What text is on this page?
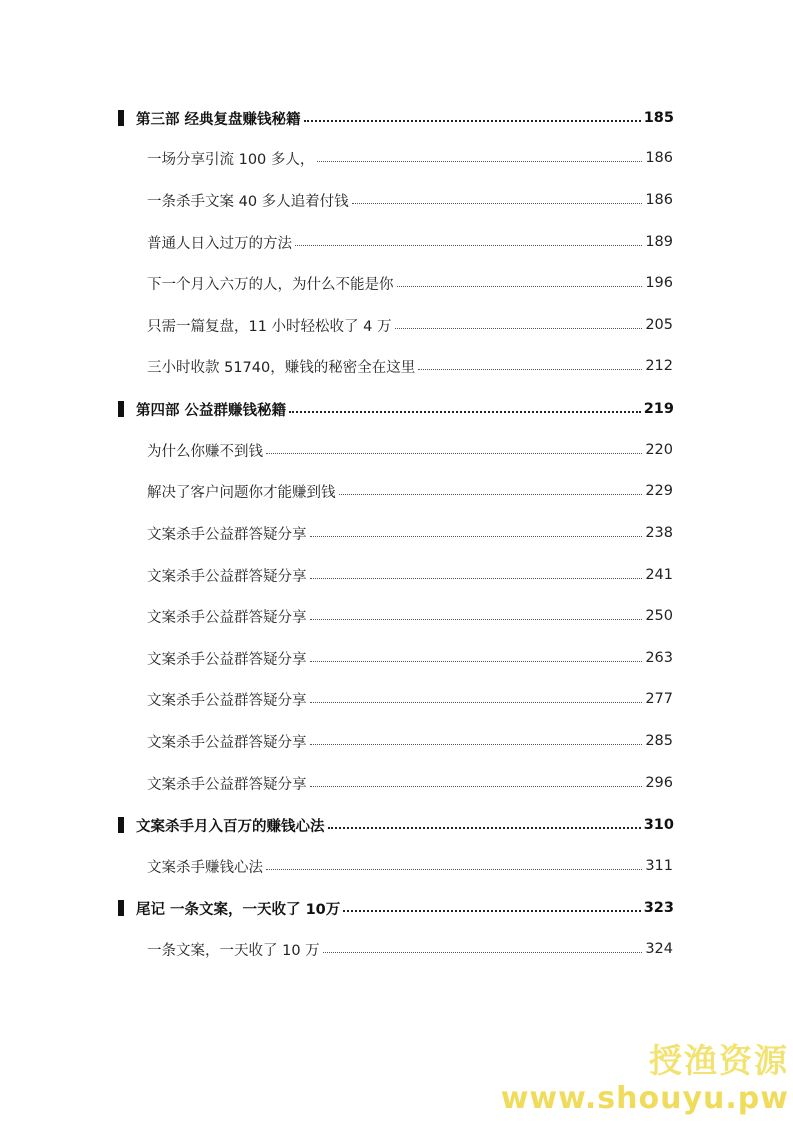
第三部 经典复盘赚钱秘籍	185
一场分享引流 100 多人，	186
一条杀手文案 40 多人追着付钱	186
普通人日入过万的方法	189
下一个月入六万的人，为什么不能是你	196
只需一篇复盘，11 小时轻松收了 4 万	205
三小时收款 51740，赚钱的秘密全在这里	212
第四部 公益群赚钱秘籍	219
为什么你赚不到钱	220
解决了客户问题你才能赚到钱	229
文案杀手公益群答疑分享	238
文案杀手公益群答疑分享	241
文案杀手公益群答疑分享	250
文案杀手公益群答疑分享	263
文案杀手公益群答疑分享	277
文案杀手公益群答疑分享	285
文案杀手公益群答疑分享	296
文案杀手月入百万的赚钱心法	310
文案杀手赚钱心法	311
尾记 一条文案，一天收了 10万	323
一条文案，一天收了 10 万	324
授渔资源
www.shouyu.pw
